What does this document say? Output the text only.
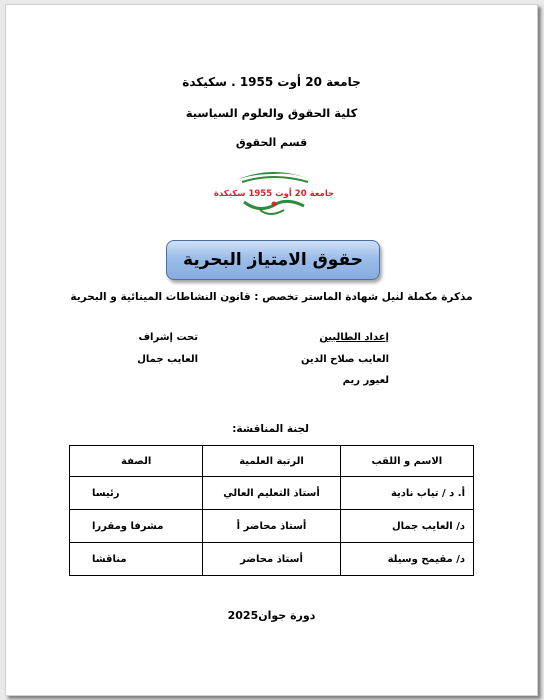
جامعة 20 أوت 1955 . سكيكدة
كلية الحقوق والعلوم السياسية
قسم الحقوق
جامعة 20 أوت 1955 سكيكدة
حقوق الامتياز البحرية
مذكرة مكملة لنيل شهادة الماستر تخصص : قانون النشاطات المينائية و البحرية
إعداد الطالبين
العايب صلاح الدين
لعيور ريم
تحت إشراف
العايب جمال
لجنة المناقشة:
الاسم و اللقب	الرتبة العلمية	الصفة
أ. د / تياب نادية	أستاذ التعليم العالي	رئيسا
د/ العايب جمال	أستاذ محاضر أ	مشرفا ومقررا
د/ مقيمح وسيلة	أستاذ محاضر	مناقشا
دورة جوان2025
